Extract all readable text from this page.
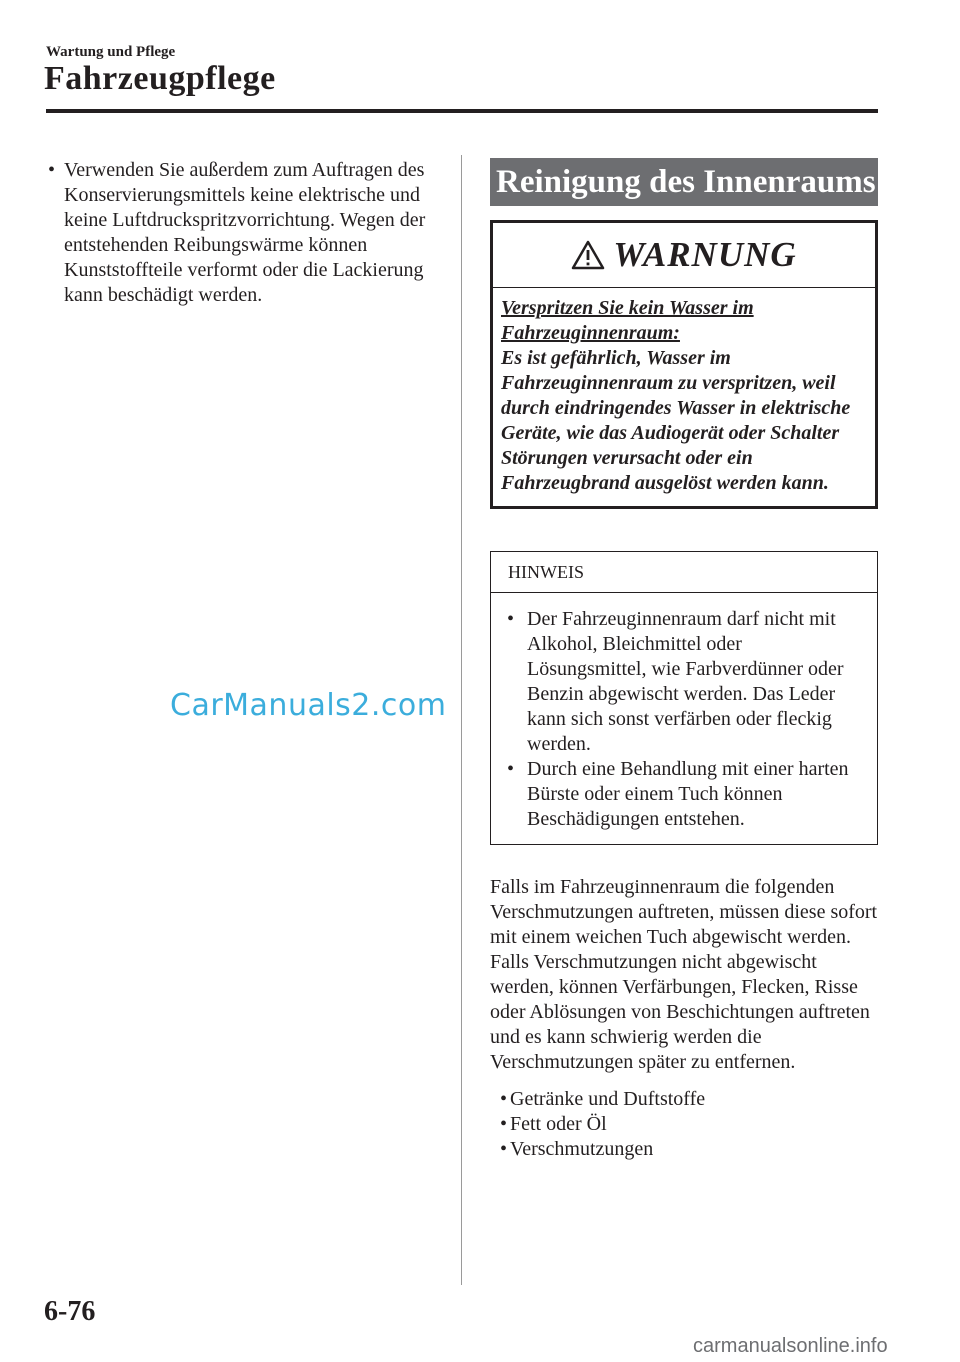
Wartung und Pflege
Fahrzeugpflege
• Verwenden Sie außerdem zum Auftragen des Konservierungsmittels keine elektrische und keine Luftdruckspritzvorrichtung. Wegen der entstehenden Reibungswärme können Kunststoffteile verformt oder die Lackierung kann beschädigt werden.
Reinigung des Innenraums
WARNUNG
Verspritzen Sie kein Wasser im Fahrzeuginnenraum:
Es ist gefährlich, Wasser im Fahrzeuginnenraum zu verspritzen, weil durch eindringendes Wasser in elektrische Geräte, wie das Audiogerät oder Schalter Störungen verursacht oder ein Fahrzeugbrand ausgelöst werden kann.
HINWEIS
• Der Fahrzeuginnenraum darf nicht mit Alkohol, Bleichmittel oder Lösungsmittel, wie Farbverdünner oder Benzin abgewischt werden. Das Leder kann sich sonst verfärben oder fleckig werden.
• Durch eine Behandlung mit einer harten Bürste oder einem Tuch können Beschädigungen entstehen.
Falls im Fahrzeuginnenraum die folgenden Verschmutzungen auftreten, müssen diese sofort mit einem weichen Tuch abgewischt werden.
Falls Verschmutzungen nicht abgewischt werden, können Verfärbungen, Flecken, Risse oder Ablösungen von Beschichtungen auftreten und es kann schwierig werden die Verschmutzungen später zu entfernen.
• Getränke und Duftstoffe
• Fett oder Öl
• Verschmutzungen
CarManuals2.com
6-76
carmanualsonline.info
